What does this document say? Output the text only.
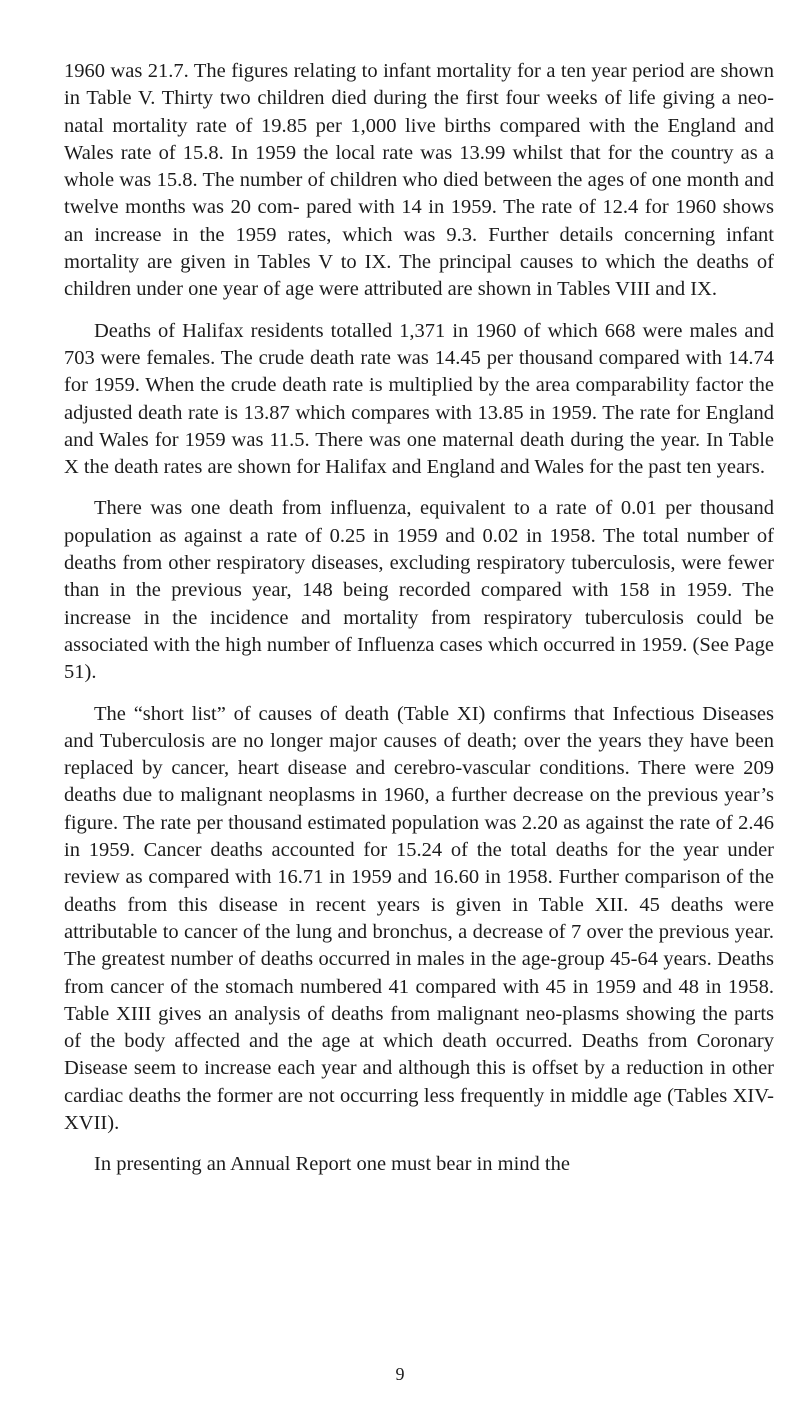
1960 was 21.7. The figures relating to infant mortality for a ten year period are shown in Table V. Thirty two children died during the first four weeks of life giving a neo-natal mortality rate of 19.85 per 1,000 live births compared with the England and Wales rate of 15.8. In 1959 the local rate was 13.99 whilst that for the country as a whole was 15.8. The number of children who died between the ages of one month and twelve months was 20 com- pared with 14 in 1959. The rate of 12.4 for 1960 shows an increase in the 1959 rates, which was 9.3. Further details concerning infant mortality are given in Tables V to IX. The principal causes to which the deaths of children under one year of age were attributed are shown in Tables VIII and IX.

Deaths of Halifax residents totalled 1,371 in 1960 of which 668 were males and 703 were females. The crude death rate was 14.45 per thousand compared with 14.74 for 1959. When the crude death rate is multiplied by the area comparability factor the adjusted death rate is 13.87 which compares with 13.85 in 1959. The rate for England and Wales for 1959 was 11.5. There was one maternal death during the year. In Table X the death rates are shown for Halifax and England and Wales for the past ten years.

There was one death from influenza, equivalent to a rate of 0.01 per thousand population as against a rate of 0.25 in 1959 and 0.02 in 1958. The total number of deaths from other respiratory diseases, excluding respiratory tuberculosis, were fewer than in the previous year, 148 being recorded compared with 158 in 1959. The increase in the incidence and mortality from respiratory tuberculosis could be associated with the high number of Influenza cases which occurred in 1959. (See Page 51).

The “short list” of causes of death (Table XI) confirms that Infectious Diseases and Tuberculosis are no longer major causes of death; over the years they have been replaced by cancer, heart disease and cerebro-vascular conditions. There were 209 deaths due to malignant neoplasms in 1960, a further decrease on the previous year’s figure. The rate per thousand estimated population was 2.20 as against the rate of 2.46 in 1959. Cancer deaths accounted for 15.24 of the total deaths for the year under review as compared with 16.71 in 1959 and 16.60 in 1958. Further comparison of the deaths from this disease in recent years is given in Table XII. 45 deaths were attributable to cancer of the lung and bronchus, a decrease of 7 over the previous year. The greatest number of deaths occurred in males in the age-group 45-64 years. Deaths from cancer of the stomach numbered 41 compared with 45 in 1959 and 48 in 1958. Table XIII gives an analysis of deaths from malignant neo-plasms showing the parts of the body affected and the age at which death occurred. Deaths from Coronary Disease seem to increase each year and although this is offset by a reduction in other cardiac deaths the former are not occurring less frequently in middle age (Tables XIV-XVII).

In presenting an Annual Report one must bear in mind the

9
